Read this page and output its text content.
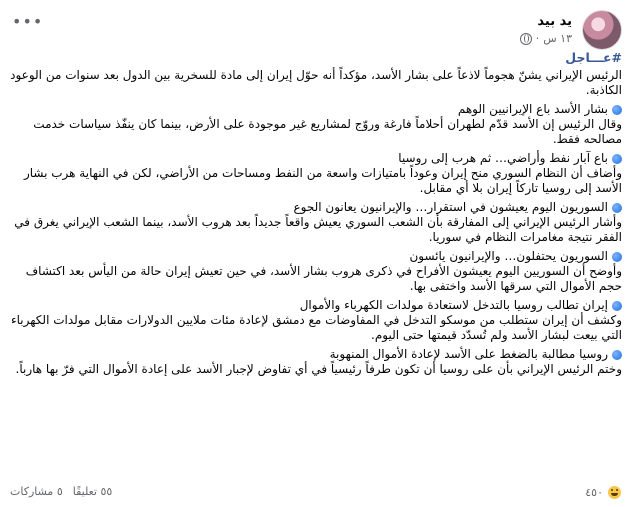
يد بيد
١٣ س
·
•••
#عـــاجل
الرئيس الإيراني يشنّ هجوماً لاذعاً على بشار الأسد، مؤكداً أنه حوّل إيران إلى مادة للسخرية بين الدول بعد سنوات من الوعود الكاذبة.
بشار الأسد باع الإيرانيين الوهم
وقال الرئيس إن الأسد قدّم لطهران أحلاماً فارغة وروّج لمشاريع غير موجودة على الأرض، بينما كان ينفّذ سياسات خدمت مصالحه فقط.
باع آبار نفط وأراضي… ثم هرب إلى روسيا
وأضاف أن النظام السوري منح إيران وعوداً بامتيازات واسعة من النفط ومساحات من الأراضي، لكن في النهاية هرب بشار الأسد إلى روسيا تاركاً إيران بلا أي مقابل.
السوريون اليوم يعيشون في استقرار… والإيرانيون يعانون الجوع
وأشار الرئيس الإيراني إلى المفارقة بأن الشعب السوري يعيش واقعاً جديداً بعد هروب الأسد، بينما الشعب الإيراني يغرق في الفقر نتيجة مغامرات النظام في سوريا.
السوريون يحتفلون… والإيرانيون يائسون
وأوضح أن السوريين اليوم يعيشون الأفراح في ذكرى هروب بشار الأسد، في حين تعيش إيران حالة من اليأس بعد اكتشاف حجم الأموال التي سرقها الأسد واختفى بها.
إيران تطالب روسيا بالتدخل لاستعادة مولدات الكهرباء والأموال
وكشف أن إيران ستطلب من موسكو التدخل في المفاوضات مع دمشق لإعادة مئات ملايين الدولارات مقابل مولدات الكهرباء التي بيعت لبشار الأسد ولم تُسدّد قيمتها حتى اليوم.
روسيا مطالبة بالضغط على الأسد لإعادة الأموال المنهوبة
وختم الرئيس الإيراني بأن على روسيا أن تكون طرفاً رئيسياً في أي تفاوض لإجبار الأسد على إعادة الأموال التي فرّ بها هارباً.
٤٥٠
٥٥ تعليقًا
٥ مشاركات
